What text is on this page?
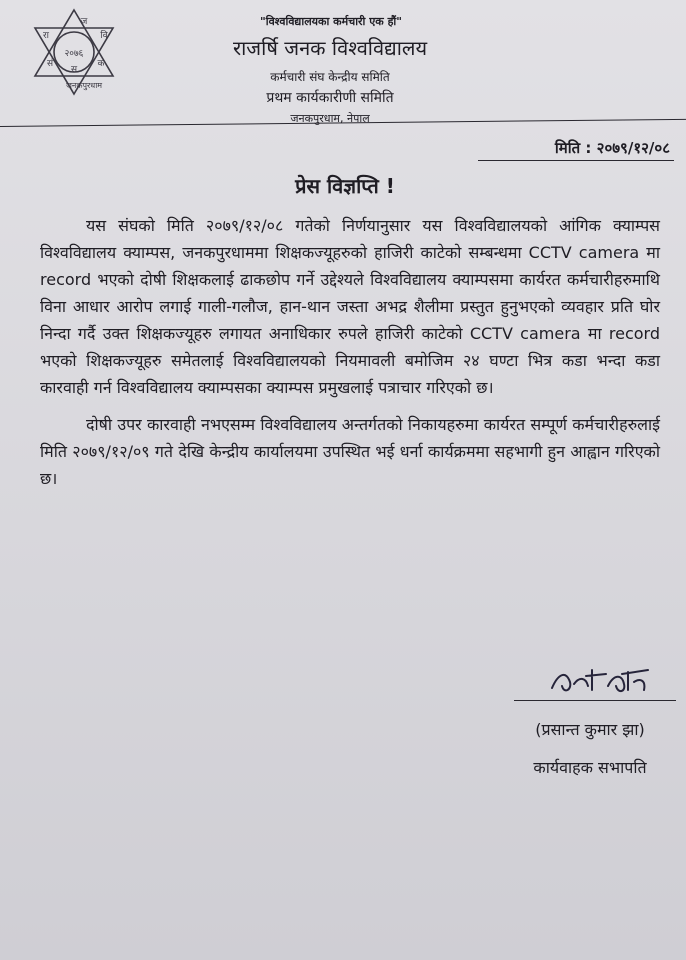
२०७६
ज
रा	वि
सं	क
स
जनकपुरधाम
"विश्वविद्यालयका कर्मचारी एक हौं"
राजर्षि जनक विश्वविद्यालय
कर्मचारी संघ केन्द्रीय समिति
प्रथम कार्यकारीणी समिति
जनकपुरधाम, नेपाल
मिति : २०७९/१२/०८
प्रेस विज्ञप्ति !

यस संघको मिति २०७९/१२/०८ गतेको निर्णयानुसार यस विश्वविद्यालयको आंगिक क्याम्पस विश्वविद्यालय क्याम्पस, जनकपुरधाममा शिक्षकज्यूहरुको हाजिरी काटेको सम्बन्धमा CCTV camera मा record भएको दोषी शिक्षकलाई ढाकछोप गर्ने उद्देश्यले विश्वविद्यालय क्याम्पसमा कार्यरत कर्मचारीहरुमाथि विना आधार आरोप लगाई गाली-गलौज, हान-थान जस्ता अभद्र शैलीमा प्रस्तुत हुनुभएको व्यवहार प्रति घोर निन्दा गर्दै उक्त शिक्षकज्यूहरु लगायत अनाधिकार रुपले हाजिरी काटेको CCTV camera मा record भएको शिक्षकज्यूहरु समेतलाई विश्वविद्यालयको नियमावली बमोजिम २४ घण्टा भित्र कडा भन्दा कडा कारवाही गर्न विश्वविद्यालय क्याम्पसका क्याम्पस प्रमुखलाई पत्राचार गरिएको छ।

दोषी उपर कारवाही नभएसम्म विश्वविद्यालय अन्तर्गतको निकायहरुमा कार्यरत सम्पूर्ण कर्मचारीहरुलाई मिति २०७९/१२/०९ गते देखि केन्द्रीय कार्यालयमा उपस्थित भई धर्ना कार्यक्रममा सहभागी हुन आह्वान गरिएको छ।

(प्रसान्त कुमार झा)
कार्यवाहक सभापति
